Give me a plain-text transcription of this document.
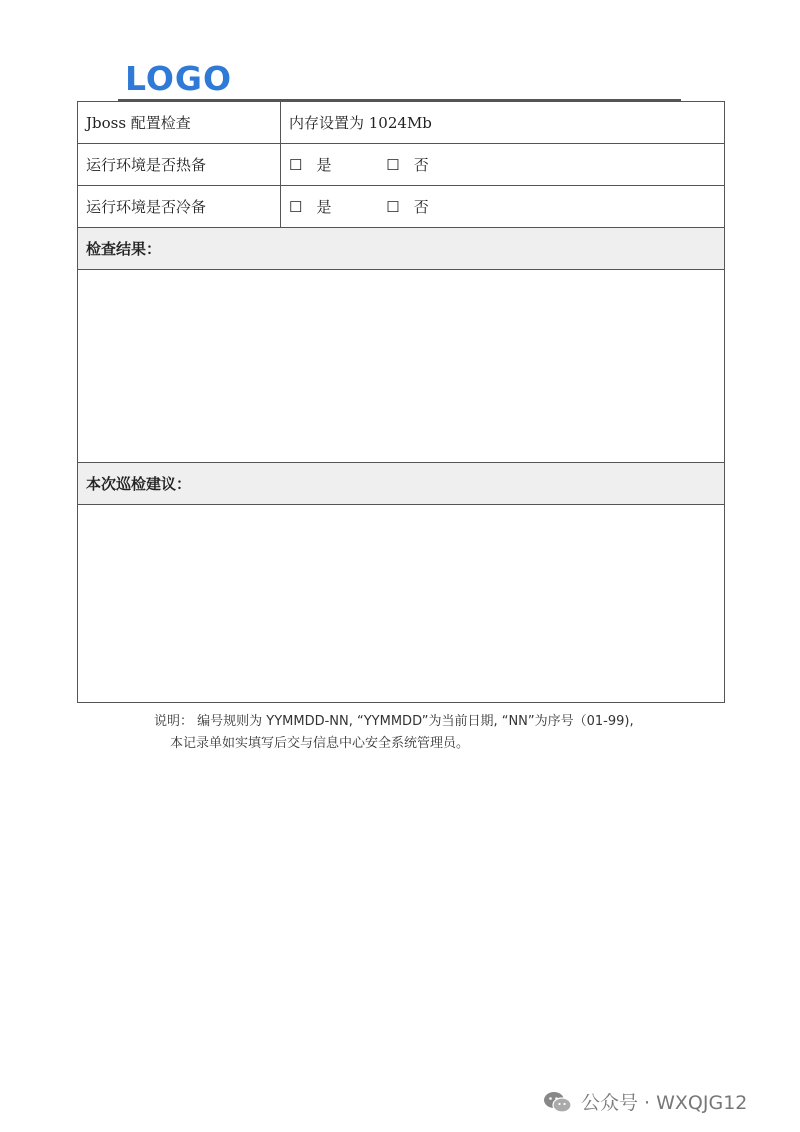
LOGO
Jboss 配置检查	内存设置为 1024Mb
运行环境是否热备	☐ 是 ☐ 否
运行环境是否冷备	☐ 是 ☐ 否
检查结果：	

本次巡检建议：	

说明： 编号规则为 YYMMDD-NN, “YYMMDD”为当前日期, “NN”为序号（01-99),
本记录单如实填写后交与信息中心安全系统管理员。
公众号 · WXQJG12
